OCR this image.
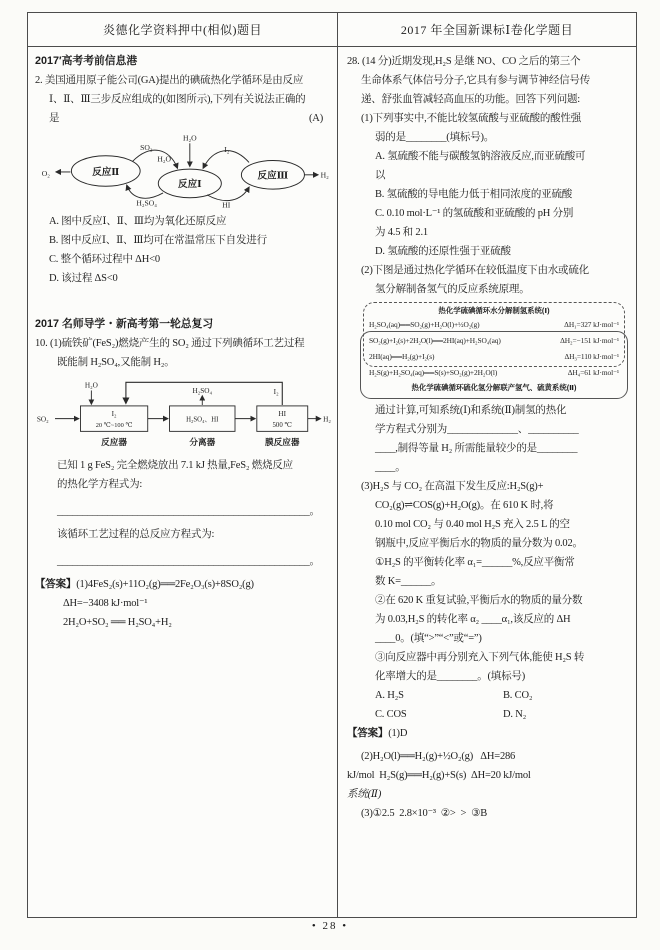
炎德化学资料押中(相似)题目	2017 年全国新课标Ⅰ卷化学题目
2017′高考考前信息港
2. 美国通用原子能公司(GA)提出的碘硫热化学循环是由反应
Ⅰ、Ⅱ、Ⅲ三步反应组成的(如图所示),下列有关说法正确的
是	(A)
O₂	反应Ⅱ
反应Ⅰ
反应Ⅲ
H₂O
SO₂
H₂O
H₂SO₄
I₂
HI
H₂
A. 图中反应Ⅰ、Ⅱ、Ⅲ均为氧化还原反应
B. 图中反应Ⅰ、Ⅱ、Ⅲ均可在常温常压下自发进行
C. 整个循环过程中 ΔH<0
D. 该过程 ΔS<0
2017 名师导学・新高考第一轮总复习
10. (1)硫铁矿(FeS₂)燃烧产生的 SO₂ 通过下列碘循环工艺过程
既能制 H₂SO₄,又能制 H₂。
SO₂
I₂
20 ℃~100 ℃
反应器
H₂O
I₂
H₂SO₄、HI
分离器
H₂SO₄
HI
500 ℃
膜反应器
H₂
已知 1 g FeS₂ 完全燃烧放出 7.1 kJ 热量,FeS₂ 燃烧反应
的热化学方程式为:
__________________________________________________。
该循环工艺过程的总反应方程式为:
__________________________________________________。
【答案】(1)4FeS₂(s)+11O₂(g)══2Fe₂O₃(s)+8SO₂(g)
ΔH=−3408 kJ·mol⁻¹
2H₂O+SO₂ ══ H₂SO₄+H₂
28. (14 分)近期发现,H₂S 是继 NO、CO 之后的第三个
生命体系气体信号分子,它具有参与调节神经信号传
递、舒张血管减轻高血压的功能。回答下列问题:
(1)下列事实中,不能比较氢硫酸与亚硫酸的酸性强
弱的是________(填标号)。
A. 氢硫酸不能与碳酸氢钠溶液反应,而亚硫酸可
以
B. 氢硫酸的导电能力低于相同浓度的亚硫酸
C. 0.10 mol·L⁻¹ 的氢硫酸和亚硫酸的 pH 分别
为 4.5 和 2.1
D. 氢硫酸的还原性强于亚硫酸
(2)下图是通过热化学循环在较低温度下由水或硫化
氢分解制备氢气的反应系统原理。
热化学硫碘循环水分解制氢系统(Ⅰ)
H₂SO₄(aq)══SO₂(g)+H₂O(l)+½O₂(g)	ΔH₁=327 kJ·mol⁻¹
SO₂(g)+I₂(s)+2H₂O(l)══2HI(aq)+H₂SO₄(aq)	ΔH₂=−151 kJ·mol⁻¹
2HI(aq)══H₂(g)+I₂(s)	ΔH₃=110 kJ·mol⁻¹
H₂S(g)+H₂SO₄(aq)══S(s)+SO₂(g)+2H₂O(l)	ΔH₄=61 kJ·mol⁻¹
热化学硫碘循环硫化氢分解联产氢气、硫黄系统(Ⅱ)
通过计算,可知系统(Ⅰ)和系统(Ⅱ)制氢的热化
学方程式分别为______________、__________
____,制得等量 H₂ 所需能量较少的是________
____。
(3)H₂S 与 CO₂ 在高温下发生反应:H₂S(g)+
CO₂(g)⇌COS(g)+H₂O(g)。在 610 K 时,将
0.10 mol CO₂ 与 0.40 mol H₂S 充入 2.5 L 的空
钢瓶中,反应平衡后水的物质的量分数为 0.02。
①H₂S 的平衡转化率 α₁=______%,反应平衡常
数 K=______。
②在 620 K 重复试验,平衡后水的物质的量分数
为 0.03,H₂S 的转化率 α₂ ____α₁,该反应的 ΔH
____0。(填“>”“<”或“=”)
③向反应器中再分别充入下列气体,能使 H₂S 转
化率增大的是________。(填标号)
A. H₂S	B. CO₂
C. COS	D. N₂
【答案】(1)D
(2)H₂O(l)══H₂(g)+½O₂(g)   ΔH=286
kJ/mol  H₂S(g)══H₂(g)+S(s)  ΔH=20 kJ/mol
系统(Ⅱ)
(3)①2.5  2.8×10⁻³  ②>  >  ③B
• 28 •
